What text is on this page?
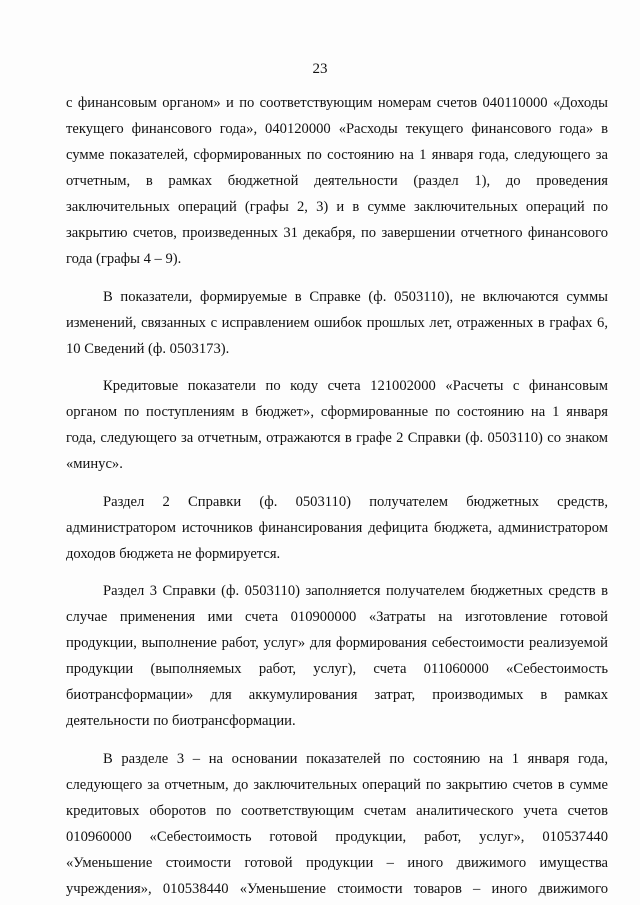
23

с финансовым органом» и по соответствующим номерам счетов 040110000 «Доходы текущего финансового года», 040120000 «Расходы текущего финансового года» в сумме показателей, сформированных по состоянию на 1 января года, следующего за отчетным, в рамках бюджетной деятельности (раздел 1), до проведения заключительных операций (графы 2, 3) и в сумме заключительных операций по закрытию счетов, произведенных 31 декабря, по завершении отчетного финансового года (графы 4 – 9).

В показатели, формируемые в Справке (ф. 0503110), не включаются суммы изменений, связанных с исправлением ошибок прошлых лет, отраженных в графах 6, 10 Сведений (ф. 0503173).

Кредитовые показатели по коду счета 121002000 «Расчеты с финансовым органом по поступлениям в бюджет», сформированные по состоянию на 1 января года, следующего за отчетным, отражаются в графе 2 Справки (ф. 0503110) со знаком «минус».

Раздел 2 Справки (ф. 0503110) получателем бюджетных средств, администратором источников финансирования дефицита бюджета, администратором доходов бюджета не формируется.

Раздел 3 Справки (ф. 0503110) заполняется получателем бюджетных средств в случае применения ими счета 010900000 «Затраты на изготовление готовой продукции, выполнение работ, услуг» для формирования себестоимости реализуемой продукции (выполняемых работ, услуг), счета 011060000 «Себестоимость биотрансформации» для аккумулирования затрат, производимых в рамках деятельности по биотрансформации.

В разделе 3 – на основании показателей по состоянию на 1 января года, следующего за отчетным, до заключительных операций по закрытию счетов в сумме кредитовых оборотов по соответствующим счетам аналитического учета счетов 010960000 «Себестоимость готовой продукции, работ, услуг», 010537440 «Уменьшение стоимости готовой продукции – иного движимого имущества учреждения», 010538440 «Уменьшение стоимости товаров – иного движимого
